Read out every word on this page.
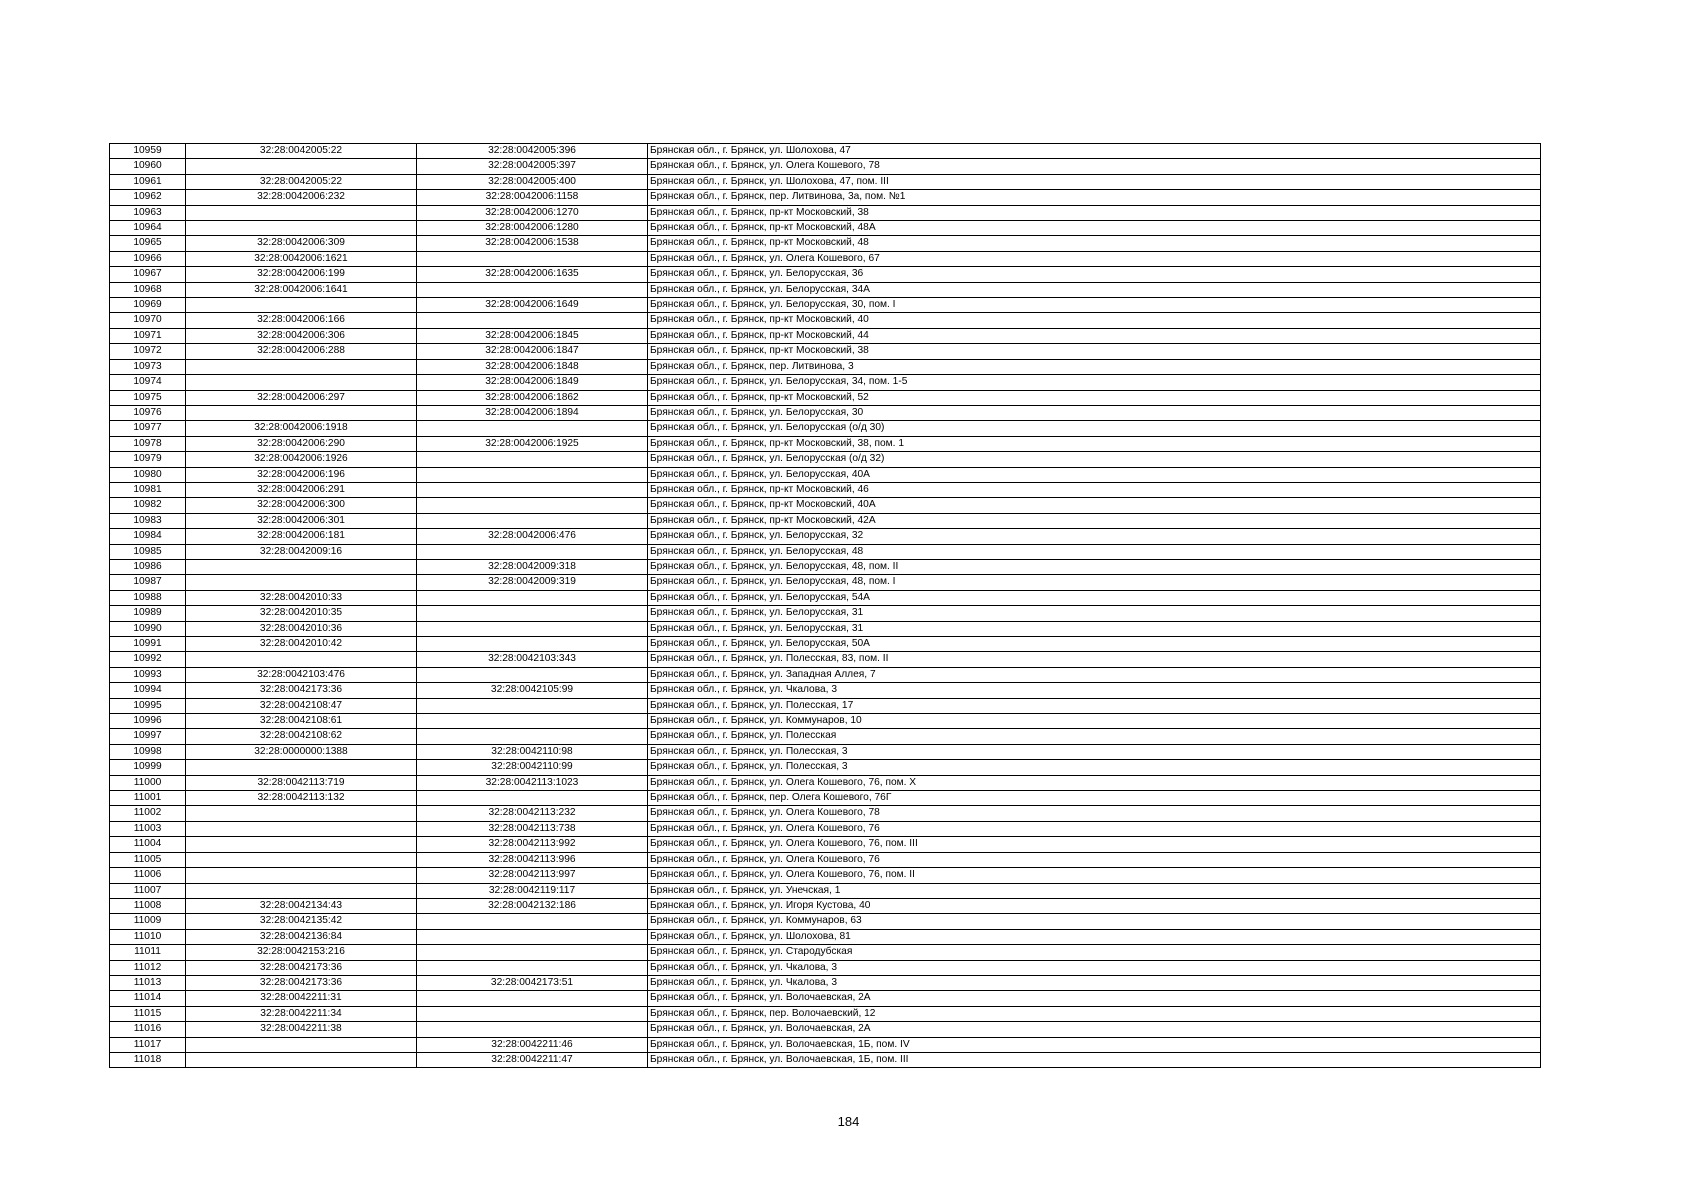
10959	32:28:0042005:22	32:28:0042005:396	Брянская обл., г. Брянск, ул. Шолохова, 47
10960		32:28:0042005:397	Брянская обл., г. Брянск, ул. Олега Кошевого, 78
10961	32:28:0042005:22	32:28:0042005:400	Брянская обл., г. Брянск, ул. Шолохова, 47, пом. III
10962	32:28:0042006:232	32:28:0042006:1158	Брянская обл., г. Брянск, пер. Литвинова, 3а, пом. №1
10963		32:28:0042006:1270	Брянская обл., г. Брянск, пр-кт Московский, 38
10964		32:28:0042006:1280	Брянская обл., г. Брянск, пр-кт Московский, 48А
10965	32:28:0042006:309	32:28:0042006:1538	Брянская обл., г. Брянск, пр-кт Московский, 48
10966	32:28:0042006:1621		Брянская обл., г. Брянск, ул. Олега Кошевого, 67
10967	32:28:0042006:199	32:28:0042006:1635	Брянская обл., г. Брянск, ул. Белорусская, 36
10968	32:28:0042006:1641		Брянская обл., г. Брянск, ул. Белорусская, 34А
10969		32:28:0042006:1649	Брянская обл., г. Брянск, ул. Белорусская, 30, пом. I
10970	32:28:0042006:166		Брянская обл., г. Брянск, пр-кт Московский, 40
10971	32:28:0042006:306	32:28:0042006:1845	Брянская обл., г. Брянск, пр-кт Московский, 44
10972	32:28:0042006:288	32:28:0042006:1847	Брянская обл., г. Брянск, пр-кт Московский, 38
10973		32:28:0042006:1848	Брянская обл., г. Брянск, пер. Литвинова, 3
10974		32:28:0042006:1849	Брянская обл., г. Брянск, ул. Белорусская, 34, пом. 1-5
10975	32:28:0042006:297	32:28:0042006:1862	Брянская обл., г. Брянск, пр-кт Московский, 52
10976		32:28:0042006:1894	Брянская обл., г. Брянск, ул. Белорусская, 30
10977	32:28:0042006:1918		Брянская обл., г. Брянск, ул. Белорусская (о/д 30)
10978	32:28:0042006:290	32:28:0042006:1925	Брянская обл., г. Брянск, пр-кт Московский, 38, пом. 1
10979	32:28:0042006:1926		Брянская обл., г. Брянск, ул. Белорусская (о/д 32)
10980	32:28:0042006:196		Брянская обл., г. Брянск, ул. Белорусская, 40А
10981	32:28:0042006:291		Брянская обл., г. Брянск, пр-кт Московский, 46
10982	32:28:0042006:300		Брянская обл., г. Брянск, пр-кт Московский, 40А
10983	32:28:0042006:301		Брянская обл., г. Брянск, пр-кт Московский, 42А
10984	32:28:0042006:181	32:28:0042006:476	Брянская обл., г. Брянск, ул. Белорусская, 32
10985	32:28:0042009:16		Брянская обл., г. Брянск, ул. Белорусская, 48
10986		32:28:0042009:318	Брянская обл., г. Брянск, ул. Белорусская, 48, пом. II
10987		32:28:0042009:319	Брянская обл., г. Брянск, ул. Белорусская, 48, пом. I
10988	32:28:0042010:33		Брянская обл., г. Брянск, ул. Белорусская, 54А
10989	32:28:0042010:35		Брянская обл., г. Брянск, ул. Белорусская, 31
10990	32:28:0042010:36		Брянская обл., г. Брянск, ул. Белорусская, 31
10991	32:28:0042010:42		Брянская обл., г. Брянск, ул. Белорусская, 50А
10992		32:28:0042103:343	Брянская обл., г. Брянск, ул. Полесская, 83, пом. II
10993	32:28:0042103:476		Брянская обл., г. Брянск, ул. Западная Аллея, 7
10994	32:28:0042173:36	32:28:0042105:99	Брянская обл., г. Брянск, ул. Чкалова, 3
10995	32:28:0042108:47		Брянская обл., г. Брянск, ул. Полесская, 17
10996	32:28:0042108:61		Брянская обл., г. Брянск, ул. Коммунаров, 10
10997	32:28:0042108:62		Брянская обл., г. Брянск, ул. Полесская
10998	32:28:0000000:1388	32:28:0042110:98	Брянская обл., г. Брянск, ул. Полесская, 3
10999		32:28:0042110:99	Брянская обл., г. Брянск, ул. Полесская, 3
11000	32:28:0042113:719	32:28:0042113:1023	Брянская обл., г. Брянск, ул. Олега Кошевого, 76, пом. X
11001	32:28:0042113:132		Брянская обл., г. Брянск, пер. Олега Кошевого, 76Г
11002		32:28:0042113:232	Брянская обл., г. Брянск, ул. Олега Кошевого, 78
11003		32:28:0042113:738	Брянская обл., г. Брянск, ул. Олега Кошевого, 76
11004		32:28:0042113:992	Брянская обл., г. Брянск, ул. Олега Кошевого, 76, пом. III
11005		32:28:0042113:996	Брянская обл., г. Брянск, ул. Олега Кошевого, 76
11006		32:28:0042113:997	Брянская обл., г. Брянск, ул. Олега Кошевого, 76, пом. II
11007		32:28:0042119:117	Брянская обл., г. Брянск, ул. Унечская, 1
11008	32:28:0042134:43	32:28:0042132:186	Брянская обл., г. Брянск, ул. Игоря Кустова, 40
11009	32:28:0042135:42		Брянская обл., г. Брянск, ул. Коммунаров, 63
11010	32:28:0042136:84		Брянская обл., г. Брянск, ул. Шолохова, 81
11011	32:28:0042153:216		Брянская обл., г. Брянск, ул. Стародубская
11012	32:28:0042173:36		Брянская обл., г. Брянск, ул. Чкалова, 3
11013	32:28:0042173:36	32:28:0042173:51	Брянская обл., г. Брянск, ул. Чкалова, 3
11014	32:28:0042211:31		Брянская обл., г. Брянск, ул. Волочаевская, 2А
11015	32:28:0042211:34		Брянская обл., г. Брянск, пер. Волочаевский, 12
11016	32:28:0042211:38		Брянская обл., г. Брянск, ул. Волочаевская, 2А
11017		32:28:0042211:46	Брянская обл., г. Брянск, ул. Волочаевская, 1Б, пом. IV
11018		32:28:0042211:47	Брянская обл., г. Брянск, ул. Волочаевская, 1Б, пом. III
184
